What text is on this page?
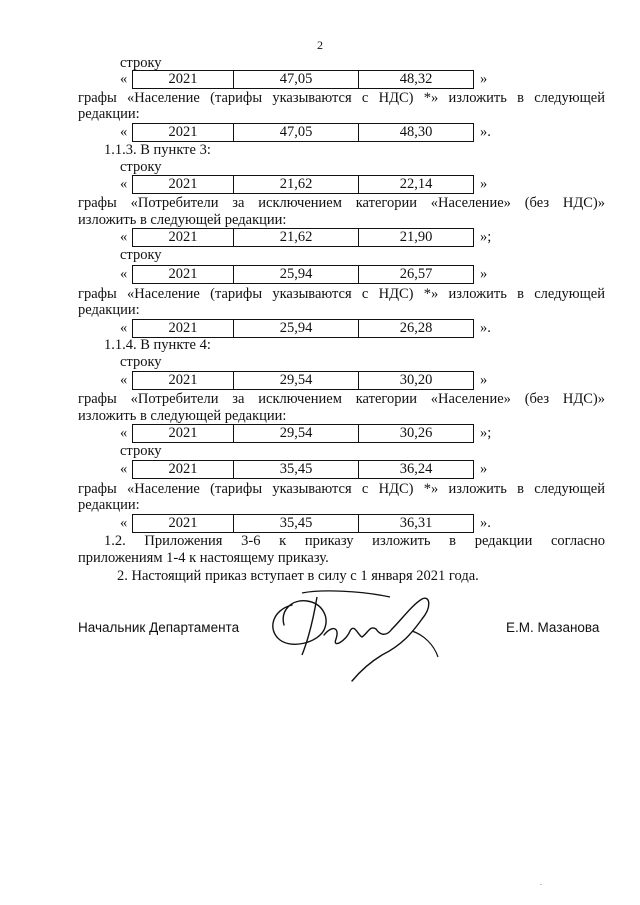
2
строку
«	2021	47,05	48,32	»
графы «Население (тарифы указываются с НДС) *» изложить в следующей
редакции:
«	2021	47,05	48,30	».
1.1.3. В пункте 3:
строку
«	2021	21,62	22,14	»
графы «Потребители за исключением категории «Население» (без НДС)»
изложить в следующей редакции:
«	2021	21,62	21,90	»;
строку
«	2021	25,94	26,57	»
графы «Население (тарифы указываются с НДС) *» изложить в следующей
редакции:
«	2021	25,94	26,28	».
1.1.4. В пункте 4:
строку
«	2021	29,54	30,20	»
графы «Потребители за исключением категории «Население» (без НДС)»
изложить в следующей редакции:
«	2021	29,54	30,26	»;
строку
«	2021	35,45	36,24	»
графы «Население (тарифы указываются с НДС) *» изложить в следующей
редакции:
«	2021	35,45	36,31	».
1.2. Приложения 3-6 к приказу изложить в редакции согласно
приложениям 1-4 к настоящему приказу.
2. Настоящий приказ вступает в силу с 1 января 2021 года.
Начальник Департамента	Е.М. Мазанова
.
